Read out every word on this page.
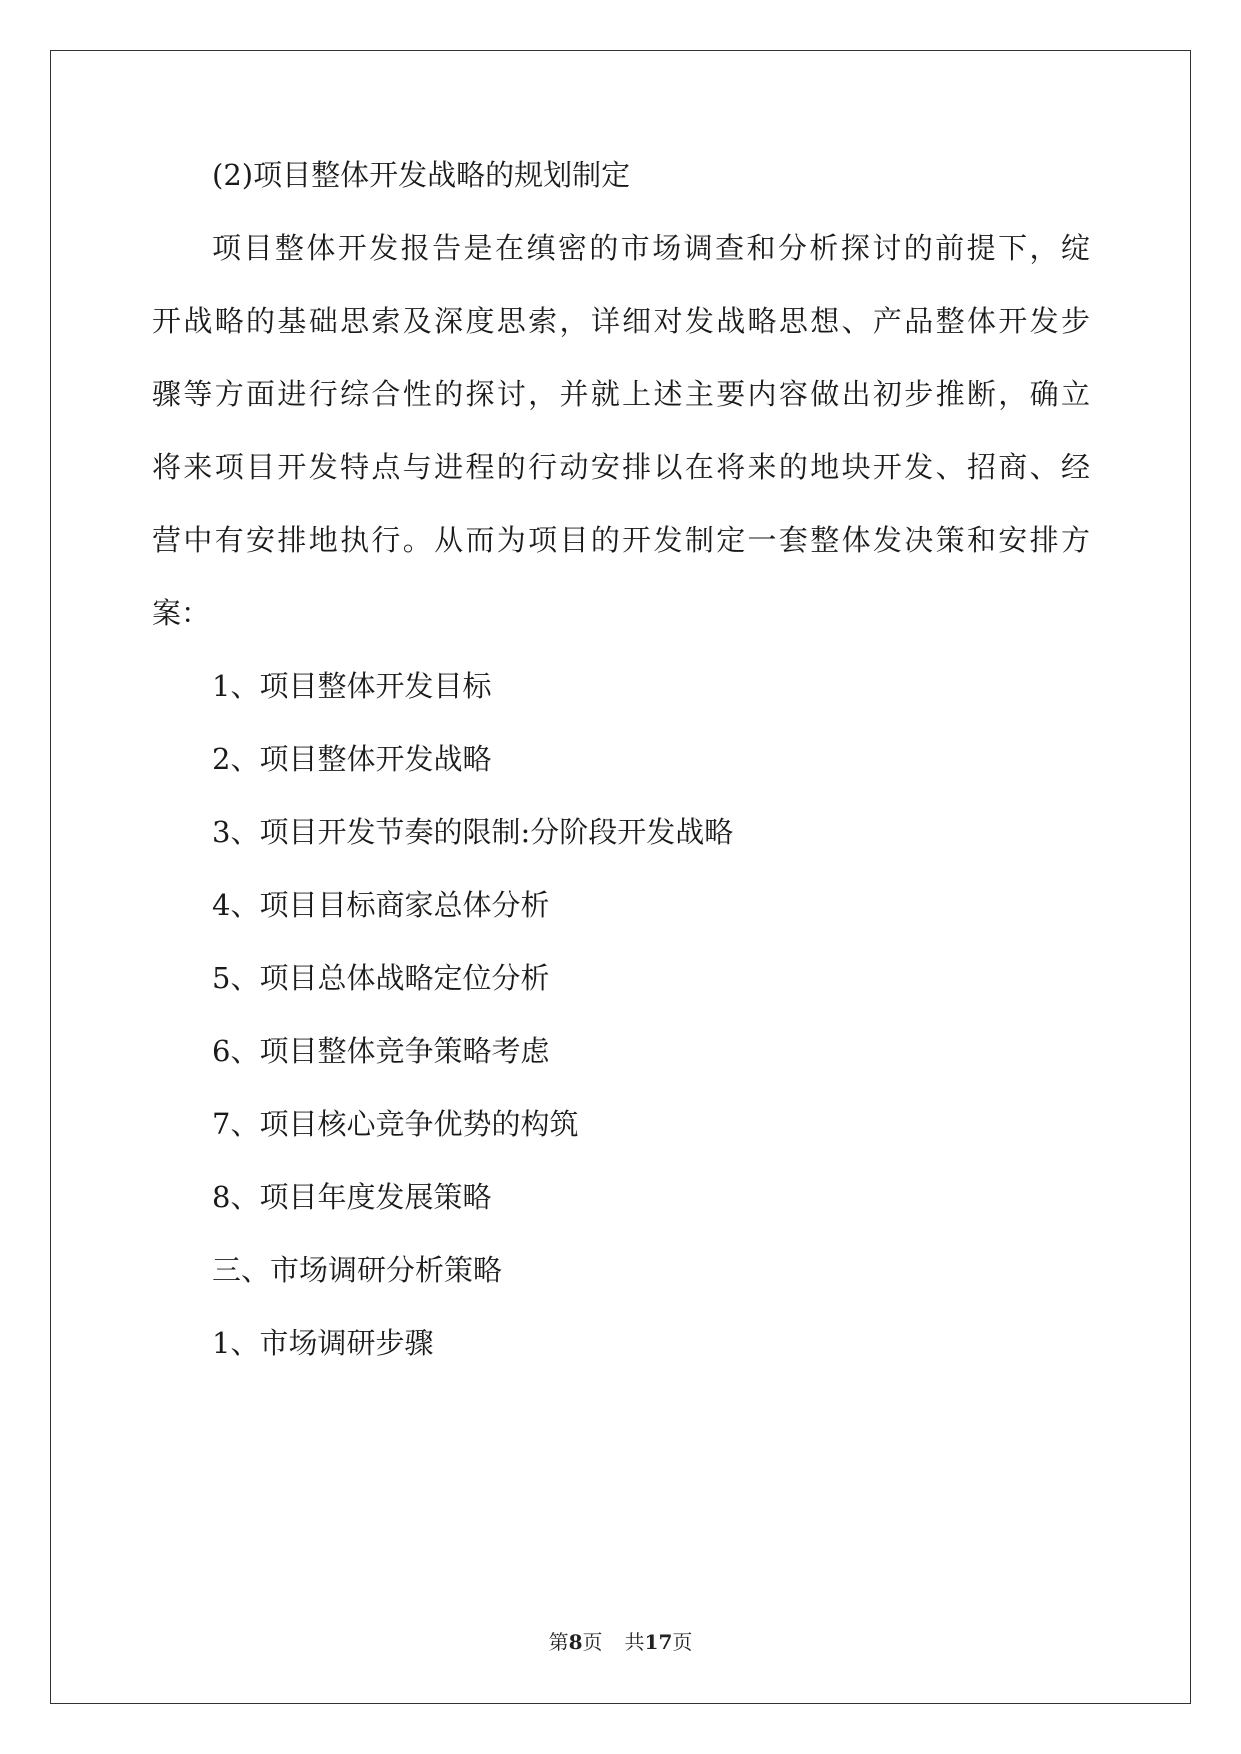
(2)项目整体开发战略的规划制定

项目整体开发报告是在缜密的市场调查和分析探讨的前提下，绽

开战略的基础思索及深度思索，详细对发战略思想、产品整体开发步

骤等方面进行综合性的探讨，并就上述主要内容做出初步推断，确立

将来项目开发特点与进程的行动安排以在将来的地块开发、招商、经

营中有安排地执行。从而为项目的开发制定一套整体发决策和安排方

案：

1、项目整体开发目标

2、项目整体开发战略

3、项目开发节奏的限制:分阶段开发战略

4、项目目标商家总体分析

5、项目总体战略定位分析

6、项目整体竞争策略考虑

7、项目核心竞争优势的构筑

8、项目年度发展策略

三、市场调研分析策略

1、市场调研步骤

第8页 共17页
